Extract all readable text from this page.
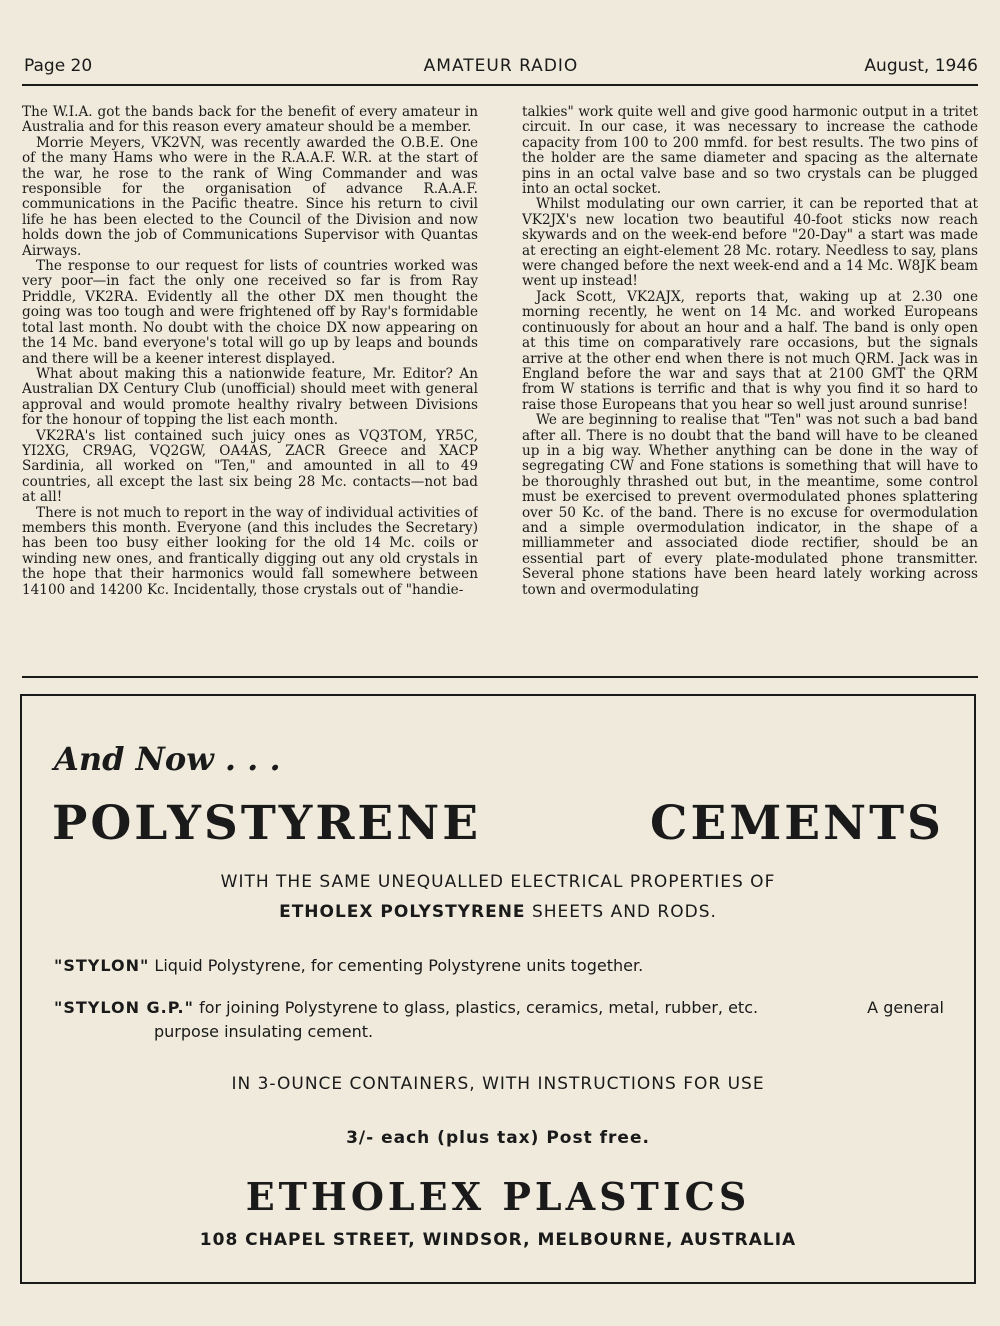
Page 20	AMATEUR RADIO	August, 1946

The W.I.A. got the bands back for the benefit of every amateur in Australia and for this reason every amateur should be a member.

Morrie Meyers, VK2VN, was recently awarded the O.B.E. One of the many Hams who were in the R.A.A.F. W.R. at the start of the war, he rose to the rank of Wing Commander and was responsible for the organisation of advance R.A.A.F. communications in the Pacific theatre. Since his return to civil life he has been elected to the Council of the Division and now holds down the job of Communications Supervisor with Quantas Airways.

The response to our request for lists of countries worked was very poor—in fact the only one received so far is from Ray Priddle, VK2RA. Evidently all the other DX men thought the going was too tough and were frightened off by Ray's formidable total last month. No doubt with the choice DX now appearing on the 14 Mc. band everyone's total will go up by leaps and bounds and there will be a keener interest displayed.

What about making this a nationwide feature, Mr. Editor? An Australian DX Century Club (unofficial) should meet with general approval and would promote healthy rivalry between Divisions for the honour of topping the list each month.

VK2RA's list contained such juicy ones as VQ3TOM, YR5C, YI2XG, CR9AG, VQ2GW, OA4AS, ZACR Greece and XACP Sardinia, all worked on "Ten," and amounted in all to 49 countries, all except the last six being 28 Mc. contacts—not bad at all!

There is not much to report in the way of individual activities of members this month. Everyone (and this includes the Secretary) has been too busy either looking for the old 14 Mc. coils or winding new ones, and frantically digging out any old crystals in the hope that their harmonics would fall somewhere between 14100 and 14200 Kc. Incidentally, those crystals out of "handie-

talkies" work quite well and give good harmonic output in a tritet circuit. In our case, it was necessary to increase the cathode capacity from 100 to 200 mmfd. for best results. The two pins of the holder are the same diameter and spacing as the alternate pins in an octal valve base and so two crystals can be plugged into an octal socket.

Whilst modulating our own carrier, it can be reported that at VK2JX's new location two beautiful 40-foot sticks now reach skywards and on the week-end before "20-Day" a start was made at erecting an eight-element 28 Mc. rotary. Needless to say, plans were changed before the next week-end and a 14 Mc. W8JK beam went up instead!

Jack Scott, VK2AJX, reports that, waking up at 2.30 one morning recently, he went on 14 Mc. and worked Europeans continuously for about an hour and a half. The band is only open at this time on comparatively rare occasions, but the signals arrive at the other end when there is not much QRM. Jack was in England before the war and says that at 2100 GMT the QRM from W stations is terrific and that is why you find it so hard to raise those Europeans that you hear so well just around sunrise!

We are beginning to realise that "Ten" was not such a bad band after all. There is no doubt that the band will have to be cleaned up in a big way. Whether anything can be done in the way of segregating CW and Fone stations is something that will have to be thoroughly thrashed out but, in the meantime, some control must be exercised to prevent overmodulated phones splattering over 50 Kc. of the band. There is no excuse for overmodulation and a simple overmodulation indicator, in the shape of a milliammeter and associated diode rectifier, should be an essential part of every plate-modulated phone transmitter. Several phone stations have been heard lately working across town and overmodulating

And Now . . .
POLYSTYRENE CEMENTS
WITH THE SAME UNEQUALLED ELECTRICAL PROPERTIES OF
ETHOLEX POLYSTYRENE SHEETS AND RODS.
"STYLON" Liquid Polystyrene, for cementing Polystyrene units together.
"STYLON G.P." for joining Polystyrene to glass, plastics, ceramics, metal, rubber, etc.	A general
purpose insulating cement.
IN 3-OUNCE CONTAINERS, WITH INSTRUCTIONS FOR USE
3/- each (plus tax) Post free.
ETHOLEX PLASTICS
108 CHAPEL STREET, WINDSOR, MELBOURNE, AUSTRALIA
